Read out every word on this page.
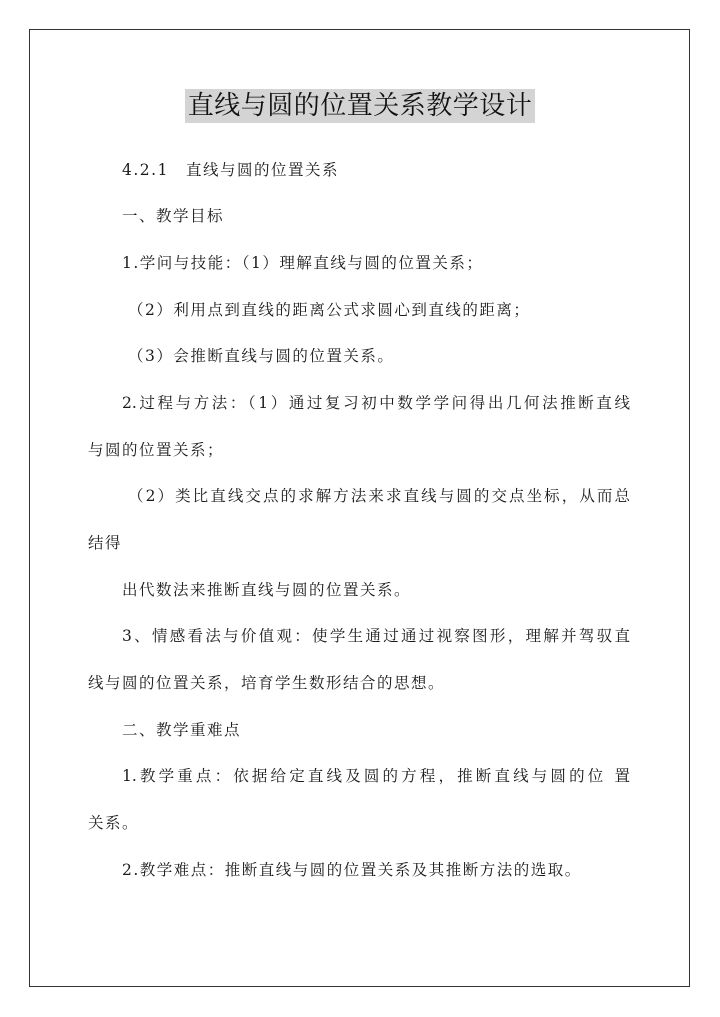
直线与圆的位置关系教学设计
4.2.1　直线与圆的位置关系
一、教学目标
1.学问与技能：（1）理解直线与圆的位置关系；
（2）利用点到直线的距离公式求圆心到直线的距离；
（3）会推断直线与圆的位置关系。
2.过程与方法：（1）通过复习初中数学学问得出几何法推断直线
与圆的位置关系；
（2）类比直线交点的求解方法来求直线与圆的交点坐标，从而总
结得
出代数法来推断直线与圆的位置关系。
3、情感看法与价值观：使学生通过通过视察图形，理解并驾驭直
线与圆的位置关系，培育学生数形结合的思想。
二、教学重难点
1.教学重点：依据给定直线及圆的方程，推断直线与圆的位 置
关系。
2.教学难点：推断直线与圆的位置关系及其推断方法的选取。
